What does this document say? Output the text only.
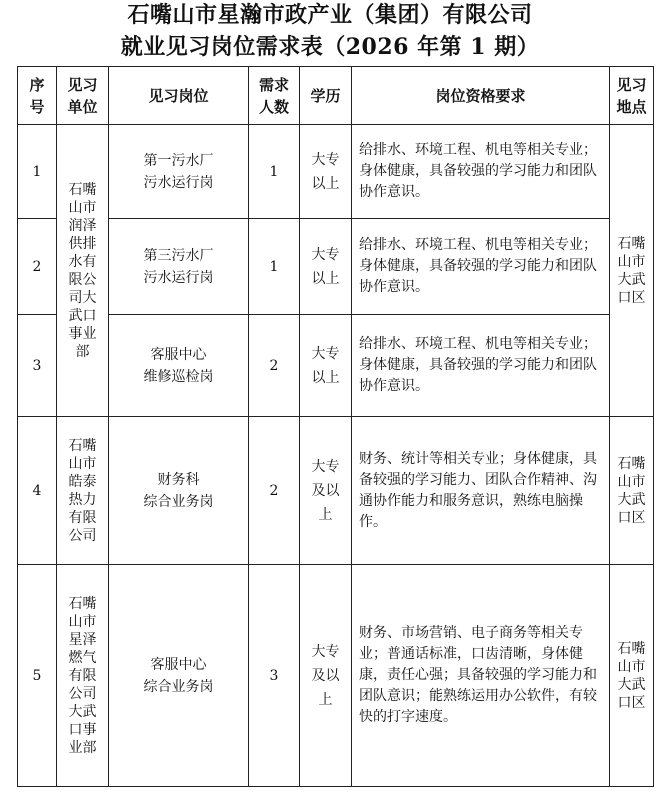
石嘴山市星瀚市政产业（集团）有限公司
就业见习岗位需求表（2026 年第 1 期）
序号	见习单位	见习岗位	需求人数	学历	岗位资格要求	见习地点

1	石嘴山市润泽供排水有限公司大武口事业部	第一污水厂
污水运行岗	1	大专以上	给排水、环境工程、机电等相关专业；身体健康，具备较强的学习能力和团队协作意识。	石嘴山市大武口区

2		第三污水厂
污水运行岗	1	大专以上	给排水、环境工程、机电等相关专业；身体健康，具备较强的学习能力和团队协作意识。	
3		客服中心
维修巡检岗	2	大专以上	给排水、环境工程、机电等相关专业；身体健康，具备较强的学习能力和团队协作意识。	
4	石嘴山市皓泰热力有限公司	财务科
综合业务岗	2	大专及以上	财务、统计等相关专业；身体健康，具备较强的学习能力、团队合作精神、沟通协作能力和服务意识，熟练电脑操作。	石嘴山市大武口区

5	石嘴山市星泽燃气有限公司大武口事业部	客服中心
综合业务岗	3	大专及以上	财务、市场营销、电子商务等相关专业；普通话标准，口齿清晰，身体健康，责任心强；具备较强的学习能力和团队意识；能熟练运用办公软件，有较快的打字速度。	石嘴山市大武口区
